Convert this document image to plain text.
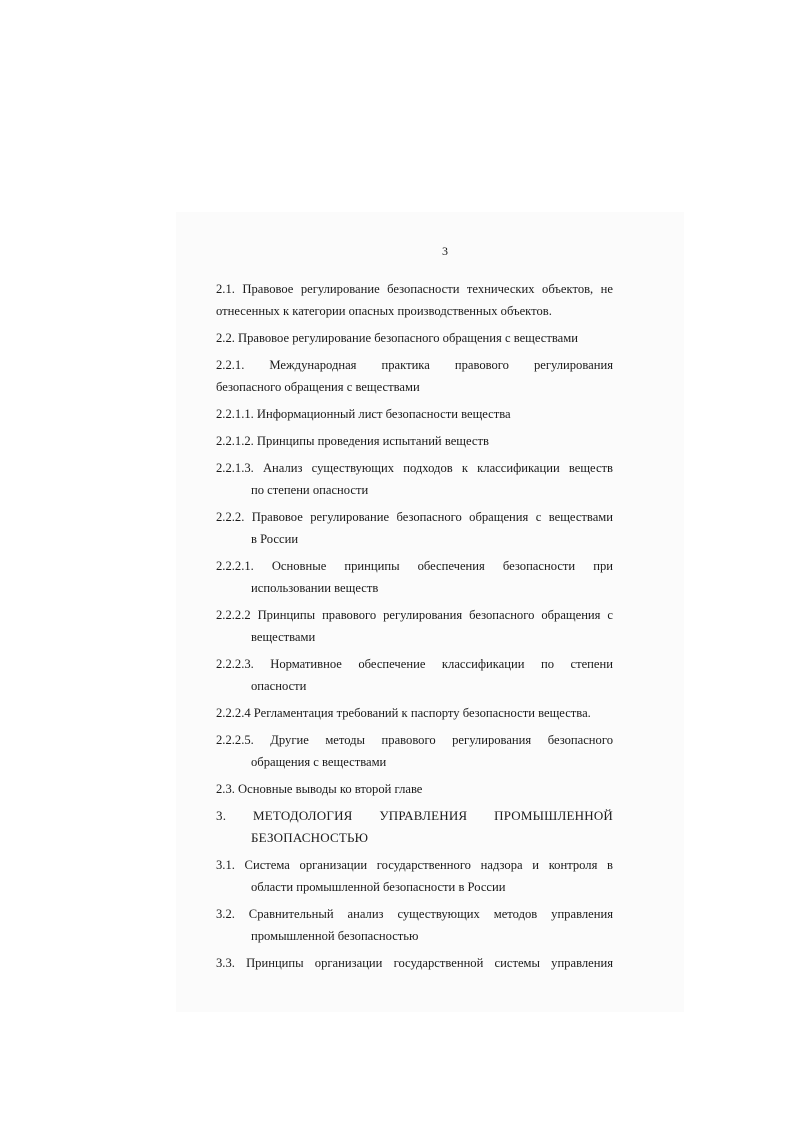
3
2.1. Правовое регулирование безопасности технических объектов, не
отнесенных к категории опасных производственных объектов.
2.2. Правовое регулирование безопасного обращения с веществами
2.2.1. Международная практика правового регулирования
безопасного обращения с веществами
2.2.1.1. Информационный лист безопасности вещества
2.2.1.2. Принципы проведения испытаний веществ
2.2.1.3. Анализ существующих подходов к классификации веществ
по степени опасности
2.2.2. Правовое регулирование безопасного обращения с веществами
в России
2.2.2.1. Основные принципы обеспечения безопасности при
использовании веществ
2.2.2.2 Принципы правового регулирования безопасного обращения с
веществами
2.2.2.3. Нормативное обеспечение классификации по степени
опасности
2.2.2.4 Регламентация требований к паспорту безопасности вещества.
2.2.2.5. Другие методы правового регулирования безопасного
обращения с веществами
2.3. Основные выводы ко второй главе
3. МЕТОДОЛОГИЯ УПРАВЛЕНИЯ ПРОМЫШЛЕННОЙ
БЕЗОПАСНОСТЬЮ
3.1. Система организации государственного надзора и контроля в
области промышленной безопасности в России
3.2. Сравнительный анализ существующих методов управления
промышленной безопасностью
3.3. Принципы организации государственной системы управления
